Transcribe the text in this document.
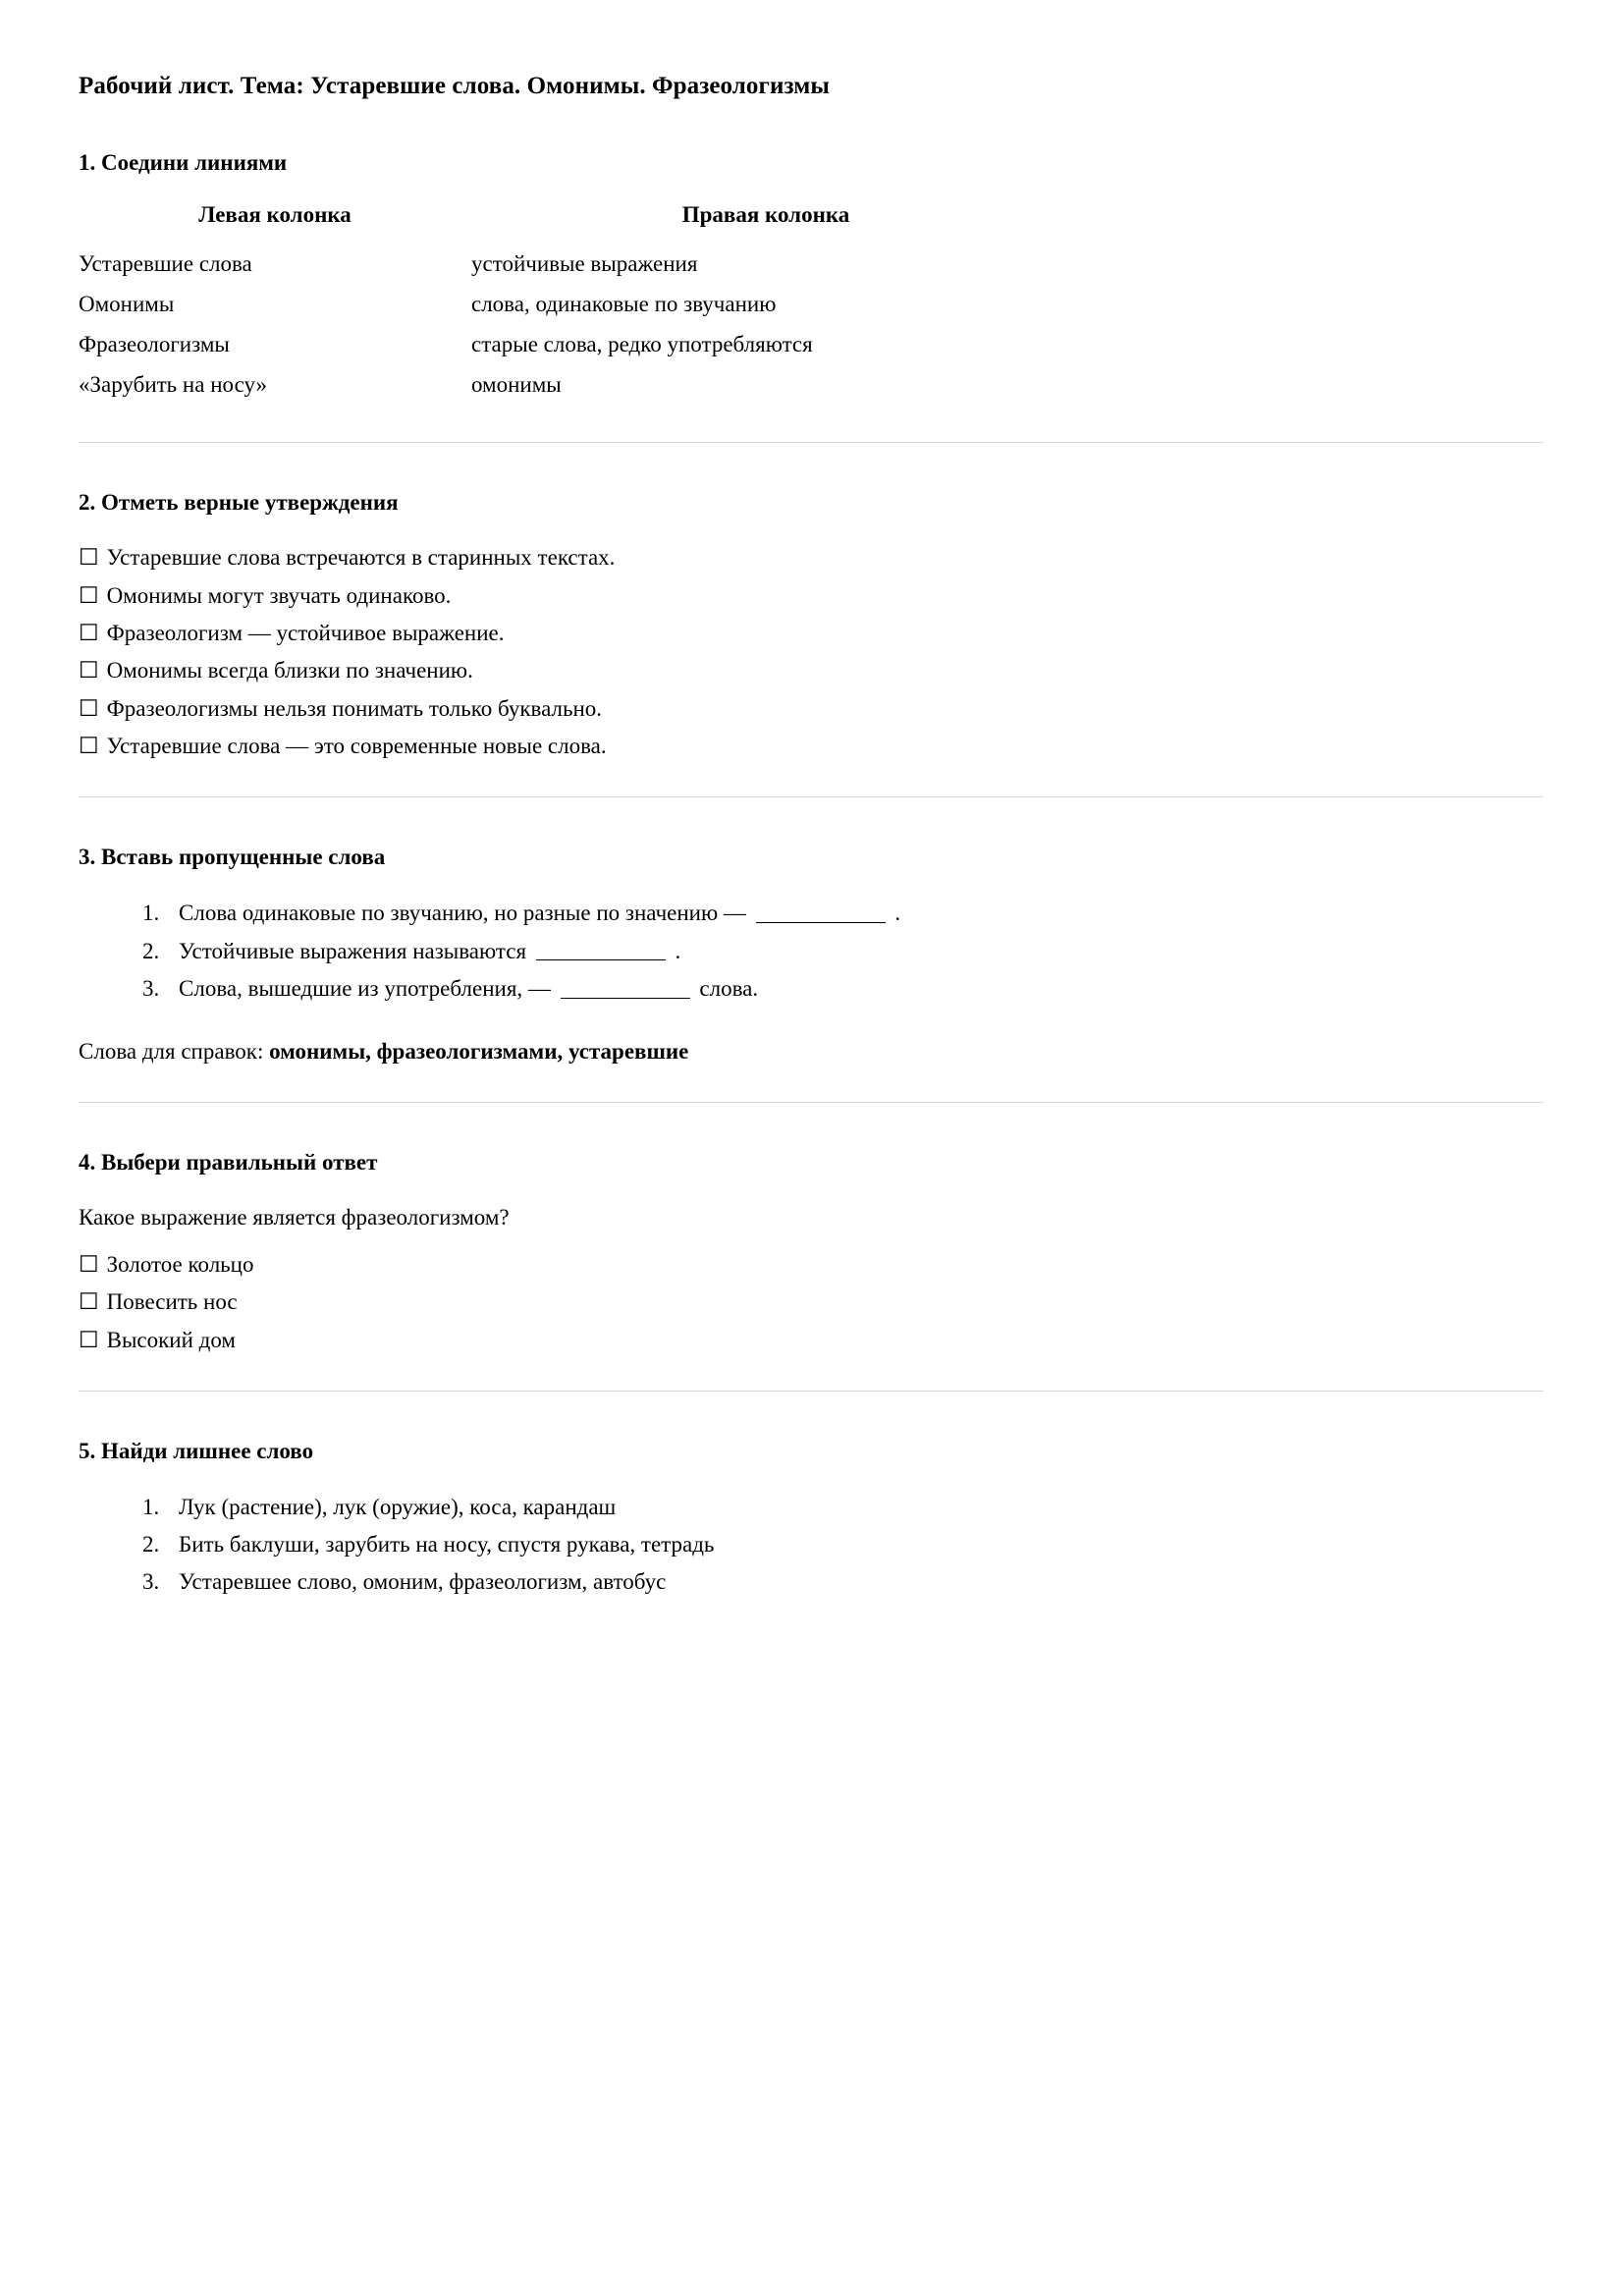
Рабочий лист. Тема: Устаревшие слова. Омонимы. Фразеологизмы
1. Соедини линиями
Левая колонка	Правая колонка
Устаревшие слова	устойчивые выражения
Омонимы	слова, одинаковые по звучанию
Фразеологизмы	старые слова, редко употребляются
«Зарубить на носу»	омонимы
2. Отметь верные утверждения
☐ Устаревшие слова встречаются в старинных текстах.
☐ Омонимы могут звучать одинаково.
☐ Фразеологизм — устойчивое выражение.
☐ Омонимы всегда близки по значению.
☐ Фразеологизмы нельзя понимать только буквально.
☐ Устаревшие слова — это современные новые слова.
3. Вставь пропущенные слова
1. Слова одинаковые по звучанию, но разные по значению —	.
2. Устойчивые выражения называются	.
3. Слова, вышедшие из употребления, —	слова.

Слова для справок: омонимы, фразеологизмами, устаревшие

4. Выбери правильный ответ

Какое выражение является фразеологизмом?

☐ Золотое кольцо
☐ Повесить нос
☐ Высокий дом
5. Найди лишнее слово
1. Лук (растение), лук (оружие), коса, карандаш
2. Бить баклуши, зарубить на носу, спустя рукава, тетрадь
3. Устаревшее слово, омоним, фразеологизм, автобус
